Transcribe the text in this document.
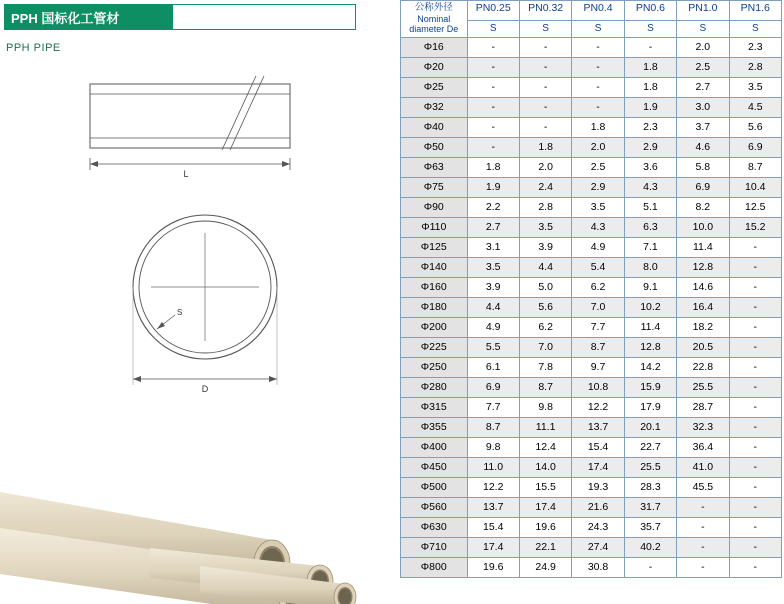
PPH 国标化工管材
PPH PIPE
L
S
D
公称外径
Nominal diameter De	PN0.25	PN0.32	PN0.4	PN0.6	PN1.0	PN1.6
	S	S	S	S	S	S
Φ16	-	-	-	-	2.0	2.3
Φ20	-	-	-	1.8	2.5	2.8
Φ25	-	-	-	1.8	2.7	3.5
Φ32	-	-	-	1.9	3.0	4.5
Φ40	-	-	1.8	2.3	3.7	5.6
Φ50	-	1.8	2.0	2.9	4.6	6.9
Φ63	1.8	2.0	2.5	3.6	5.8	8.7
Φ75	1.9	2.4	2.9	4.3	6.9	10.4
Φ90	2.2	2.8	3.5	5.1	8.2	12.5
Φ110	2.7	3.5	4.3	6.3	10.0	15.2
Φ125	3.1	3.9	4.9	7.1	11.4	-
Φ140	3.5	4.4	5.4	8.0	12.8	-
Φ160	3.9	5.0	6.2	9.1	14.6	-
Φ180	4.4	5.6	7.0	10.2	16.4	-
Φ200	4.9	6.2	7.7	11.4	18.2	-
Φ225	5.5	7.0	8.7	12.8	20.5	-
Φ250	6.1	7.8	9.7	14.2	22.8	-
Φ280	6.9	8.7	10.8	15.9	25.5	-
Φ315	7.7	9.8	12.2	17.9	28.7	-
Φ355	8.7	11.1	13.7	20.1	32.3	-
Φ400	9.8	12.4	15.4	22.7	36.4	-
Φ450	11.0	14.0	17.4	25.5	41.0	-
Φ500	12.2	15.5	19.3	28.3	45.5	-
Φ560	13.7	17.4	21.6	31.7	-	-
Φ630	15.4	19.6	24.3	35.7	-	-
Φ710	17.4	22.1	27.4	40.2	-	-
Φ800	19.6	24.9	30.8	-	-	-
